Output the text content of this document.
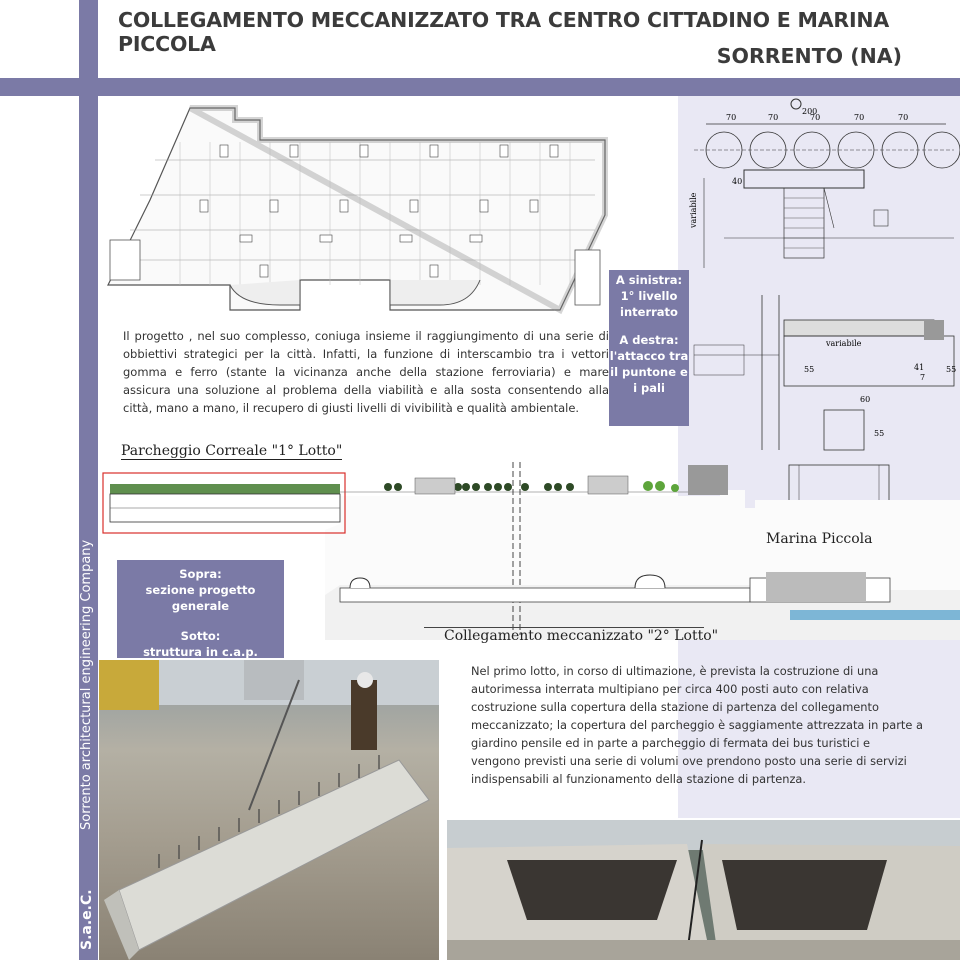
COLLEGAMENTO MECCANIZZATO TRA CENTRO CITTADINO E MARINA PICCOLA	SORRENTO (NA)
70	70	70	70	70
200
40
variabile
variabile
60
55	55
41
7
55
A sinistra:
1° livello
interrato
A destra:
l'attacco tra
il puntone e
i pali
Il progetto , nel suo complesso, coniuga insieme il raggiungimento di una serie di obbiettivi strategici per la città. Infatti, la funzione di interscambio tra i vettori gomma e ferro (stante la vicinanza anche della stazione ferroviaria) e mare assicura una soluzione al problema della viabilità e alla sosta consentendo alla città, mano a mano, il recupero di giusti livelli di vivibilità e qualità ambientale.
Parcheggio Correale "1° Lotto"
Marina Piccola
Collegamento meccanizzato "2° Lotto"
Sopra:
sezione progetto generale
Sotto:
struttura in c.a.p.
Nel primo lotto, in corso di ultimazione, è prevista la costruzione di una autorimessa interrata multipiano per circa 400 posti auto con relativa costruzione sulla copertura della stazione di partenza del collegamento meccanizzato; la copertura del parcheggio è saggiamente attrezzata in parte a giardino pensile ed in parte a parcheggio di fermata dei bus turistici e vengono previsti una serie di volumi ove prendono posto una serie di servizi indispensabili al funzionamento della stazione di partenza.
Sorrento architectural engineering Company
S.a.e.C.
